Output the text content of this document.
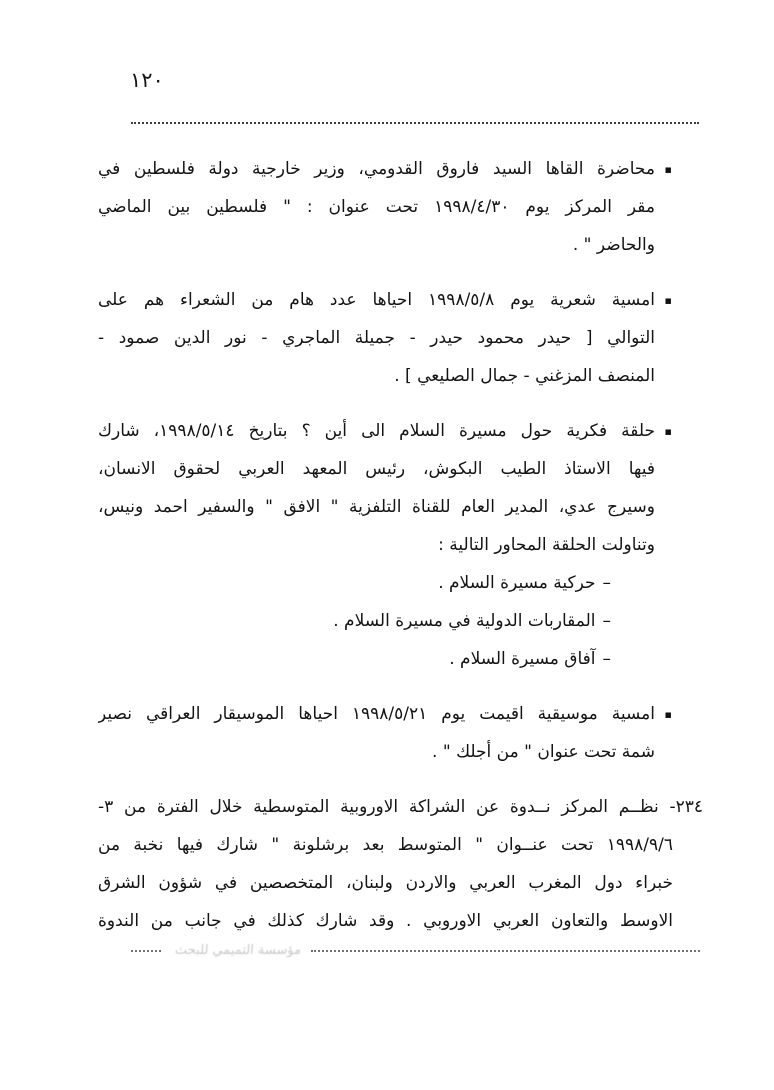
١٢٠
▪
محاضرة القاها السيد فاروق القدومي، وزير خارجية دولة فلسطين في
مقر المركز يوم ١٩٩٨/٤/٣٠ تحت عنوان : " فلسطين بين الماضي
والحاضر " .
▪
امسية شعرية يوم ١٩٩٨/٥/٨ احياها عدد هام من الشعراء هم على
التوالي [ حيدر محمود حيدر - جميلة الماجري - نور الدين صمود -
المنصف المزغني - جمال الصليعي ] .
▪
حلقة فكرية حول مسيرة السلام الى أين ؟ بتاريخ ١٩٩٨/٥/١٤، شارك
فيها الاستاذ الطيب البكوش، رئيس المعهد العربي لحقوق الانسان،
وسيرج عدي، المدير العام للقناة التلفزية " الافق " والسفير احمد ونيس،
وتناولت الحلقة المحاور التالية :
–حركية مسيرة السلام .
–المقاربات الدولية في مسيرة السلام .
–آفاق مسيرة السلام .
▪
امسية موسيقية اقيمت يوم ١٩٩٨/٥/٢١ احياها الموسيقار العراقي نصير
شمة تحت عنوان " من أجلك " .
٢٣٤- نظــم المركز نــدوة عن الشراكة الاوروبية المتوسطية خلال الفترة من ٣-
١٩٩٨/٩/٦ تحت عنــوان " المتوسط بعد برشلونة " شارك فيها نخبة من
خبراء دول المغرب العربي والاردن ولبنان، المتخصصين في شؤون الشرق
الاوسط والتعاون العربي الاوروبي . وقد شارك كذلك في جانب من الندوة
مؤسسة التميمي للبحث
